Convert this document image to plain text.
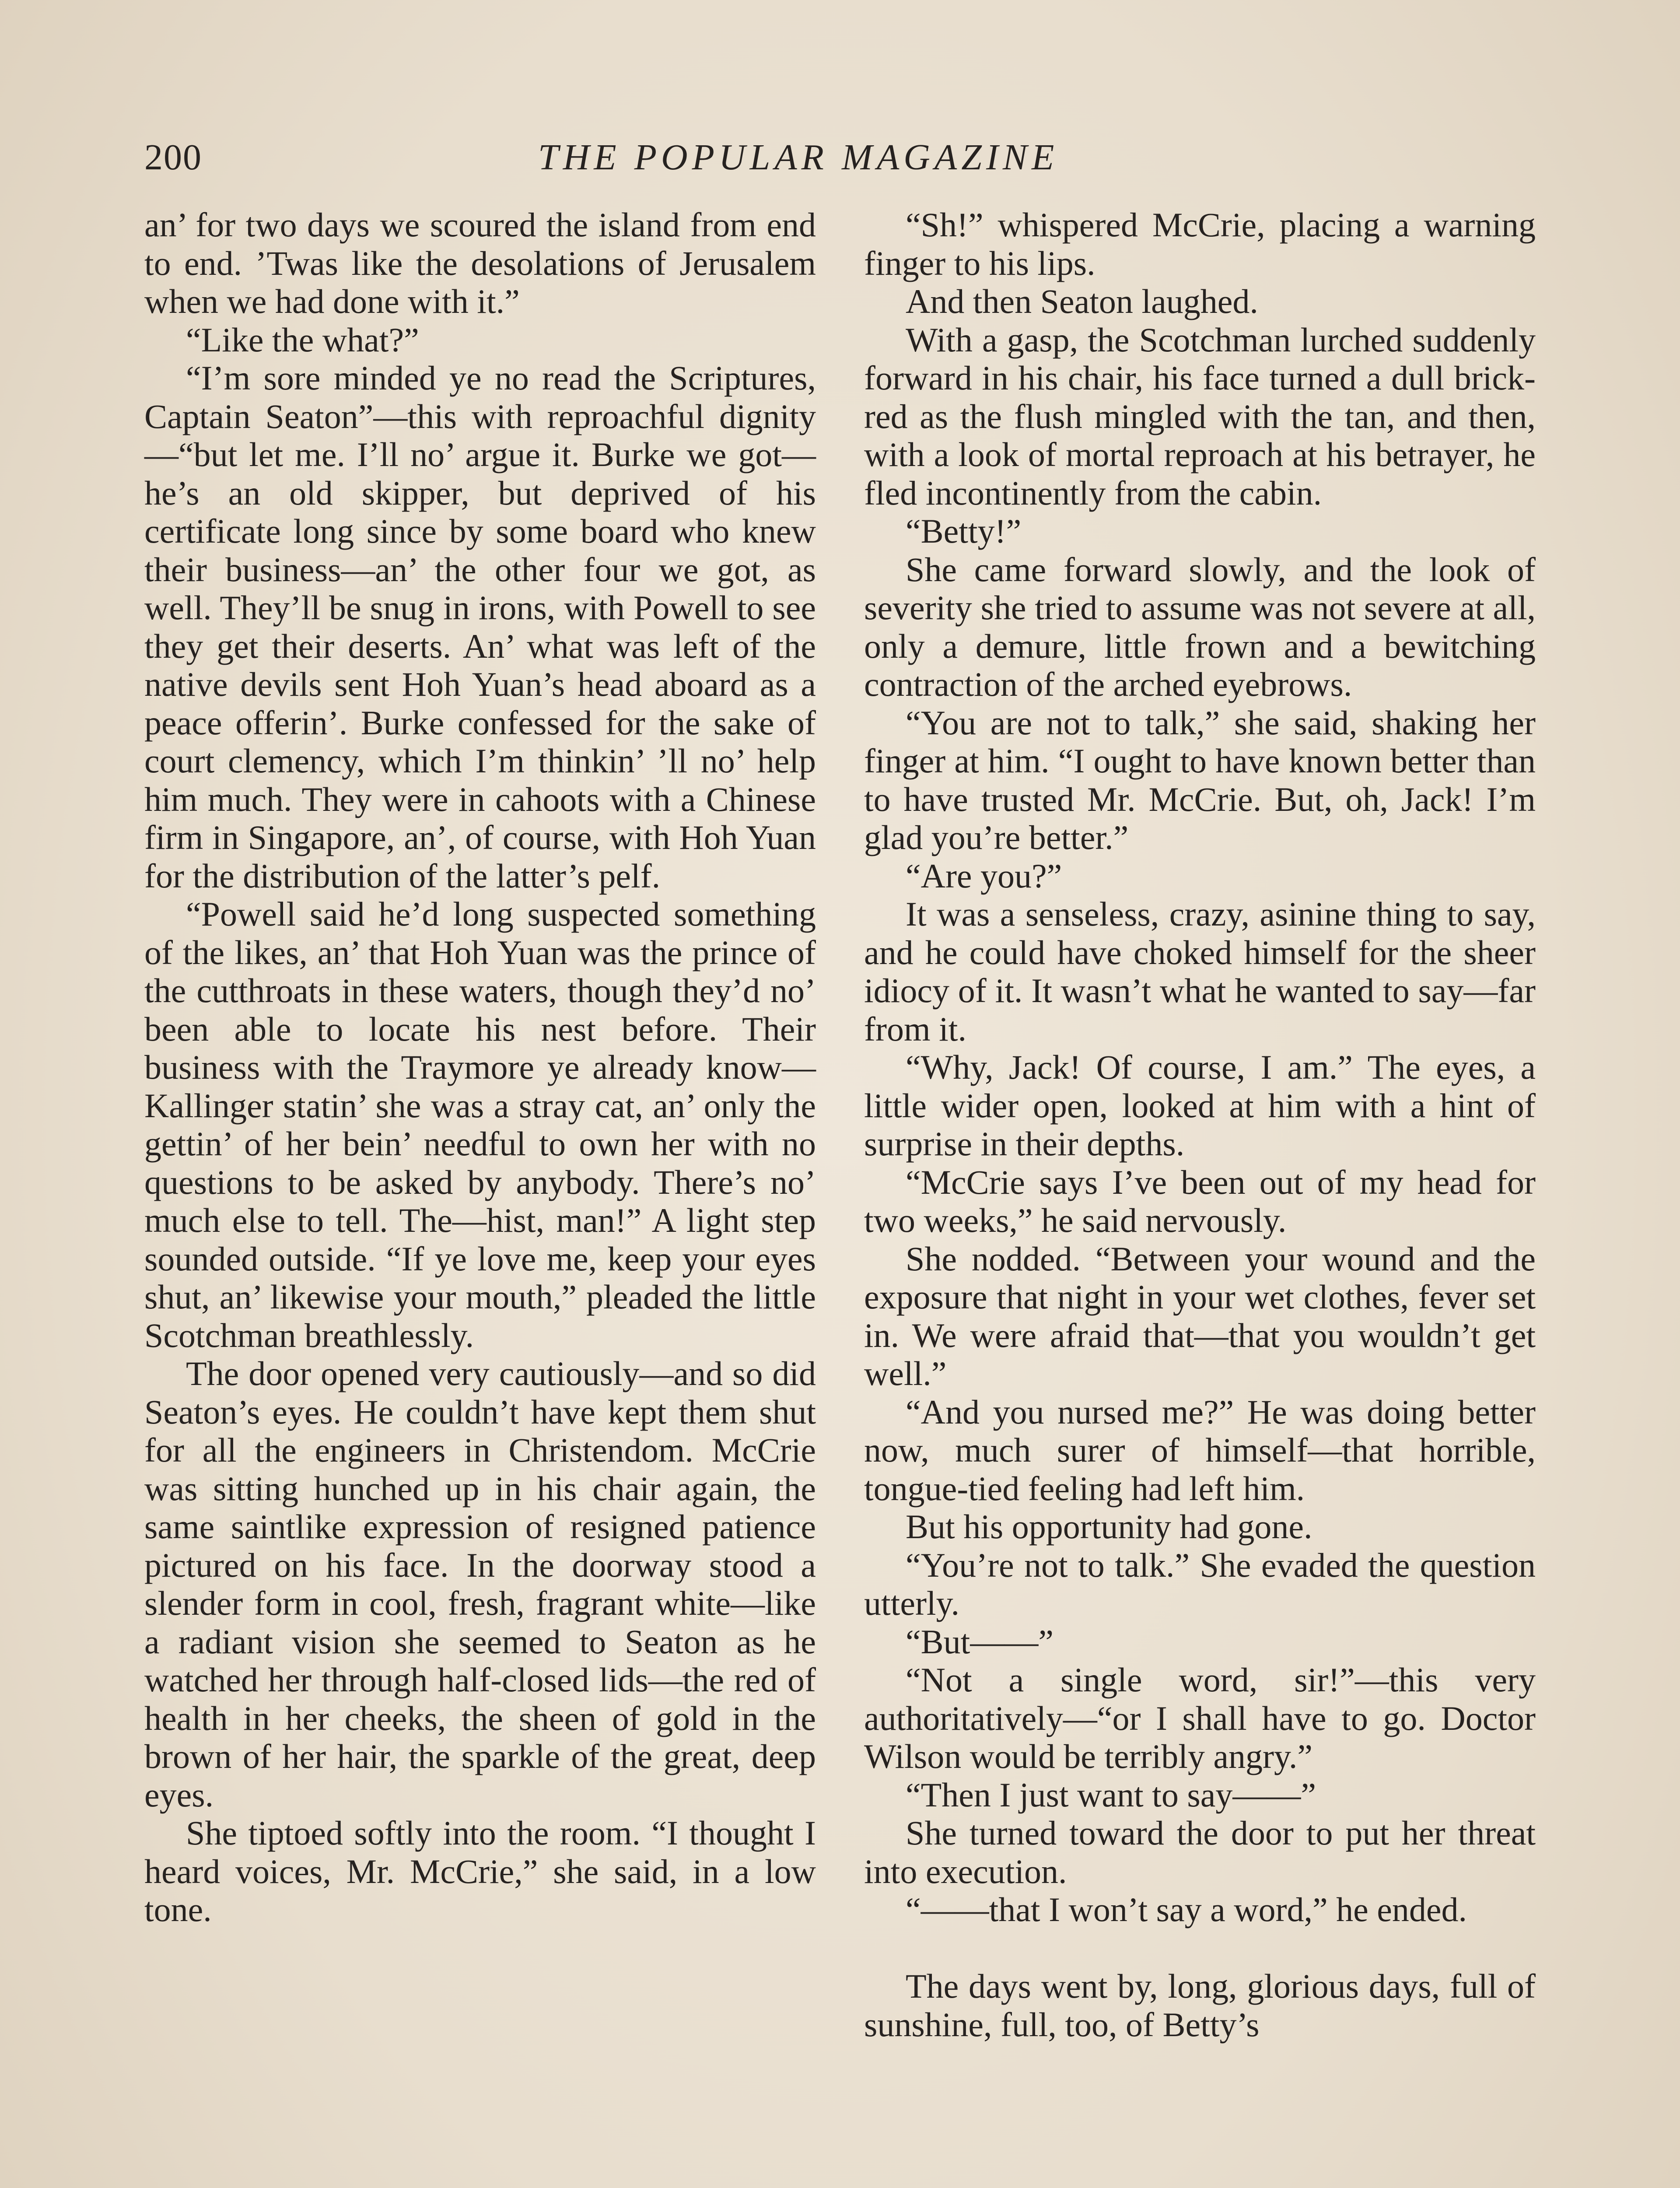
200	THE POPULAR MAGAZINE

an’ for two days we scoured the island from end to end. ’Twas like the desolations of Jerusalem when we had done with it.”

“Like the what?”

“I’m sore minded ye no read the Scriptures, Captain Seaton”—this with reproachful dignity—“but let me. I’ll no’ argue it. Burke we got—he’s an old skipper, but deprived of his certificate long since by some board who knew their business—an’ the other four we got, as well. They’ll be snug in irons, with Powell to see they get their deserts. An’ what was left of the native devils sent Hoh Yuan’s head aboard as a peace offerin’. Burke confessed for the sake of court clemency, which I’m thinkin’ ’ll no’ help him much. They were in cahoots with a Chinese firm in Singapore, an’, of course, with Hoh Yuan for the distribution of the latter’s pelf.

“Powell said he’d long suspected something of the likes, an’ that Hoh Yuan was the prince of the cutthroats in these waters, though they’d no’ been able to locate his nest before. Their business with the Traymore ye already know—Kallinger statin’ she was a stray cat, an’ only the gettin’ of her bein’ needful to own her with no questions to be asked by anybody. There’s no’ much else to tell. The—hist, man!” A light step sounded outside. “If ye love me, keep your eyes shut, an’ likewise your mouth,” pleaded the little Scotchman breathlessly.

The door opened very cautiously—and so did Seaton’s eyes. He couldn’t have kept them shut for all the engineers in Christendom. McCrie was sitting hunched up in his chair again, the same saintlike expression of resigned patience pictured on his face. In the doorway stood a slender form in cool, fresh, fragrant white—like a radiant vision she seemed to Seaton as he watched her through half-closed lids—the red of health in her cheeks, the sheen of gold in the brown of her hair, the sparkle of the great, deep eyes.

She tiptoed softly into the room. “I thought I heard voices, Mr. McCrie,” she said, in a low tone.

“Sh!” whispered McCrie, placing a warning finger to his lips.

And then Seaton laughed.

With a gasp, the Scotchman lurched suddenly forward in his chair, his face turned a dull brick-red as the flush mingled with the tan, and then, with a look of mortal reproach at his betrayer, he fled incontinently from the cabin.

“Betty!”

She came forward slowly, and the look of severity she tried to assume was not severe at all, only a demure, little frown and a bewitching contraction of the arched eyebrows.

“You are not to talk,” she said, shaking her finger at him. “I ought to have known better than to have trusted Mr. McCrie. But, oh, Jack! I’m glad you’re better.”

“Are you?”

It was a senseless, crazy, asinine thing to say, and he could have choked himself for the sheer idiocy of it. It wasn’t what he wanted to say—far from it.

“Why, Jack! Of course, I am.” The eyes, a little wider open, looked at him with a hint of surprise in their depths.

“McCrie says I’ve been out of my head for two weeks,” he said nervously.

She nodded. “Between your wound and the exposure that night in your wet clothes, fever set in. We were afraid that—that you wouldn’t get well.”

“And you nursed me?” He was doing better now, much surer of himself—that horrible, tongue-tied feeling had left him.

But his opportunity had gone.

“You’re not to talk.” She evaded the question utterly.

“But——”

“Not a single word, sir!”—this very authoritatively—“or I shall have to go. Doctor Wilson would be terribly angry.”

“Then I just want to say——”

She turned toward the door to put her threat into execution.

“——that I won’t say a word,” he ended.

The days went by, long, glorious days, full of sunshine, full, too, of Betty’s
